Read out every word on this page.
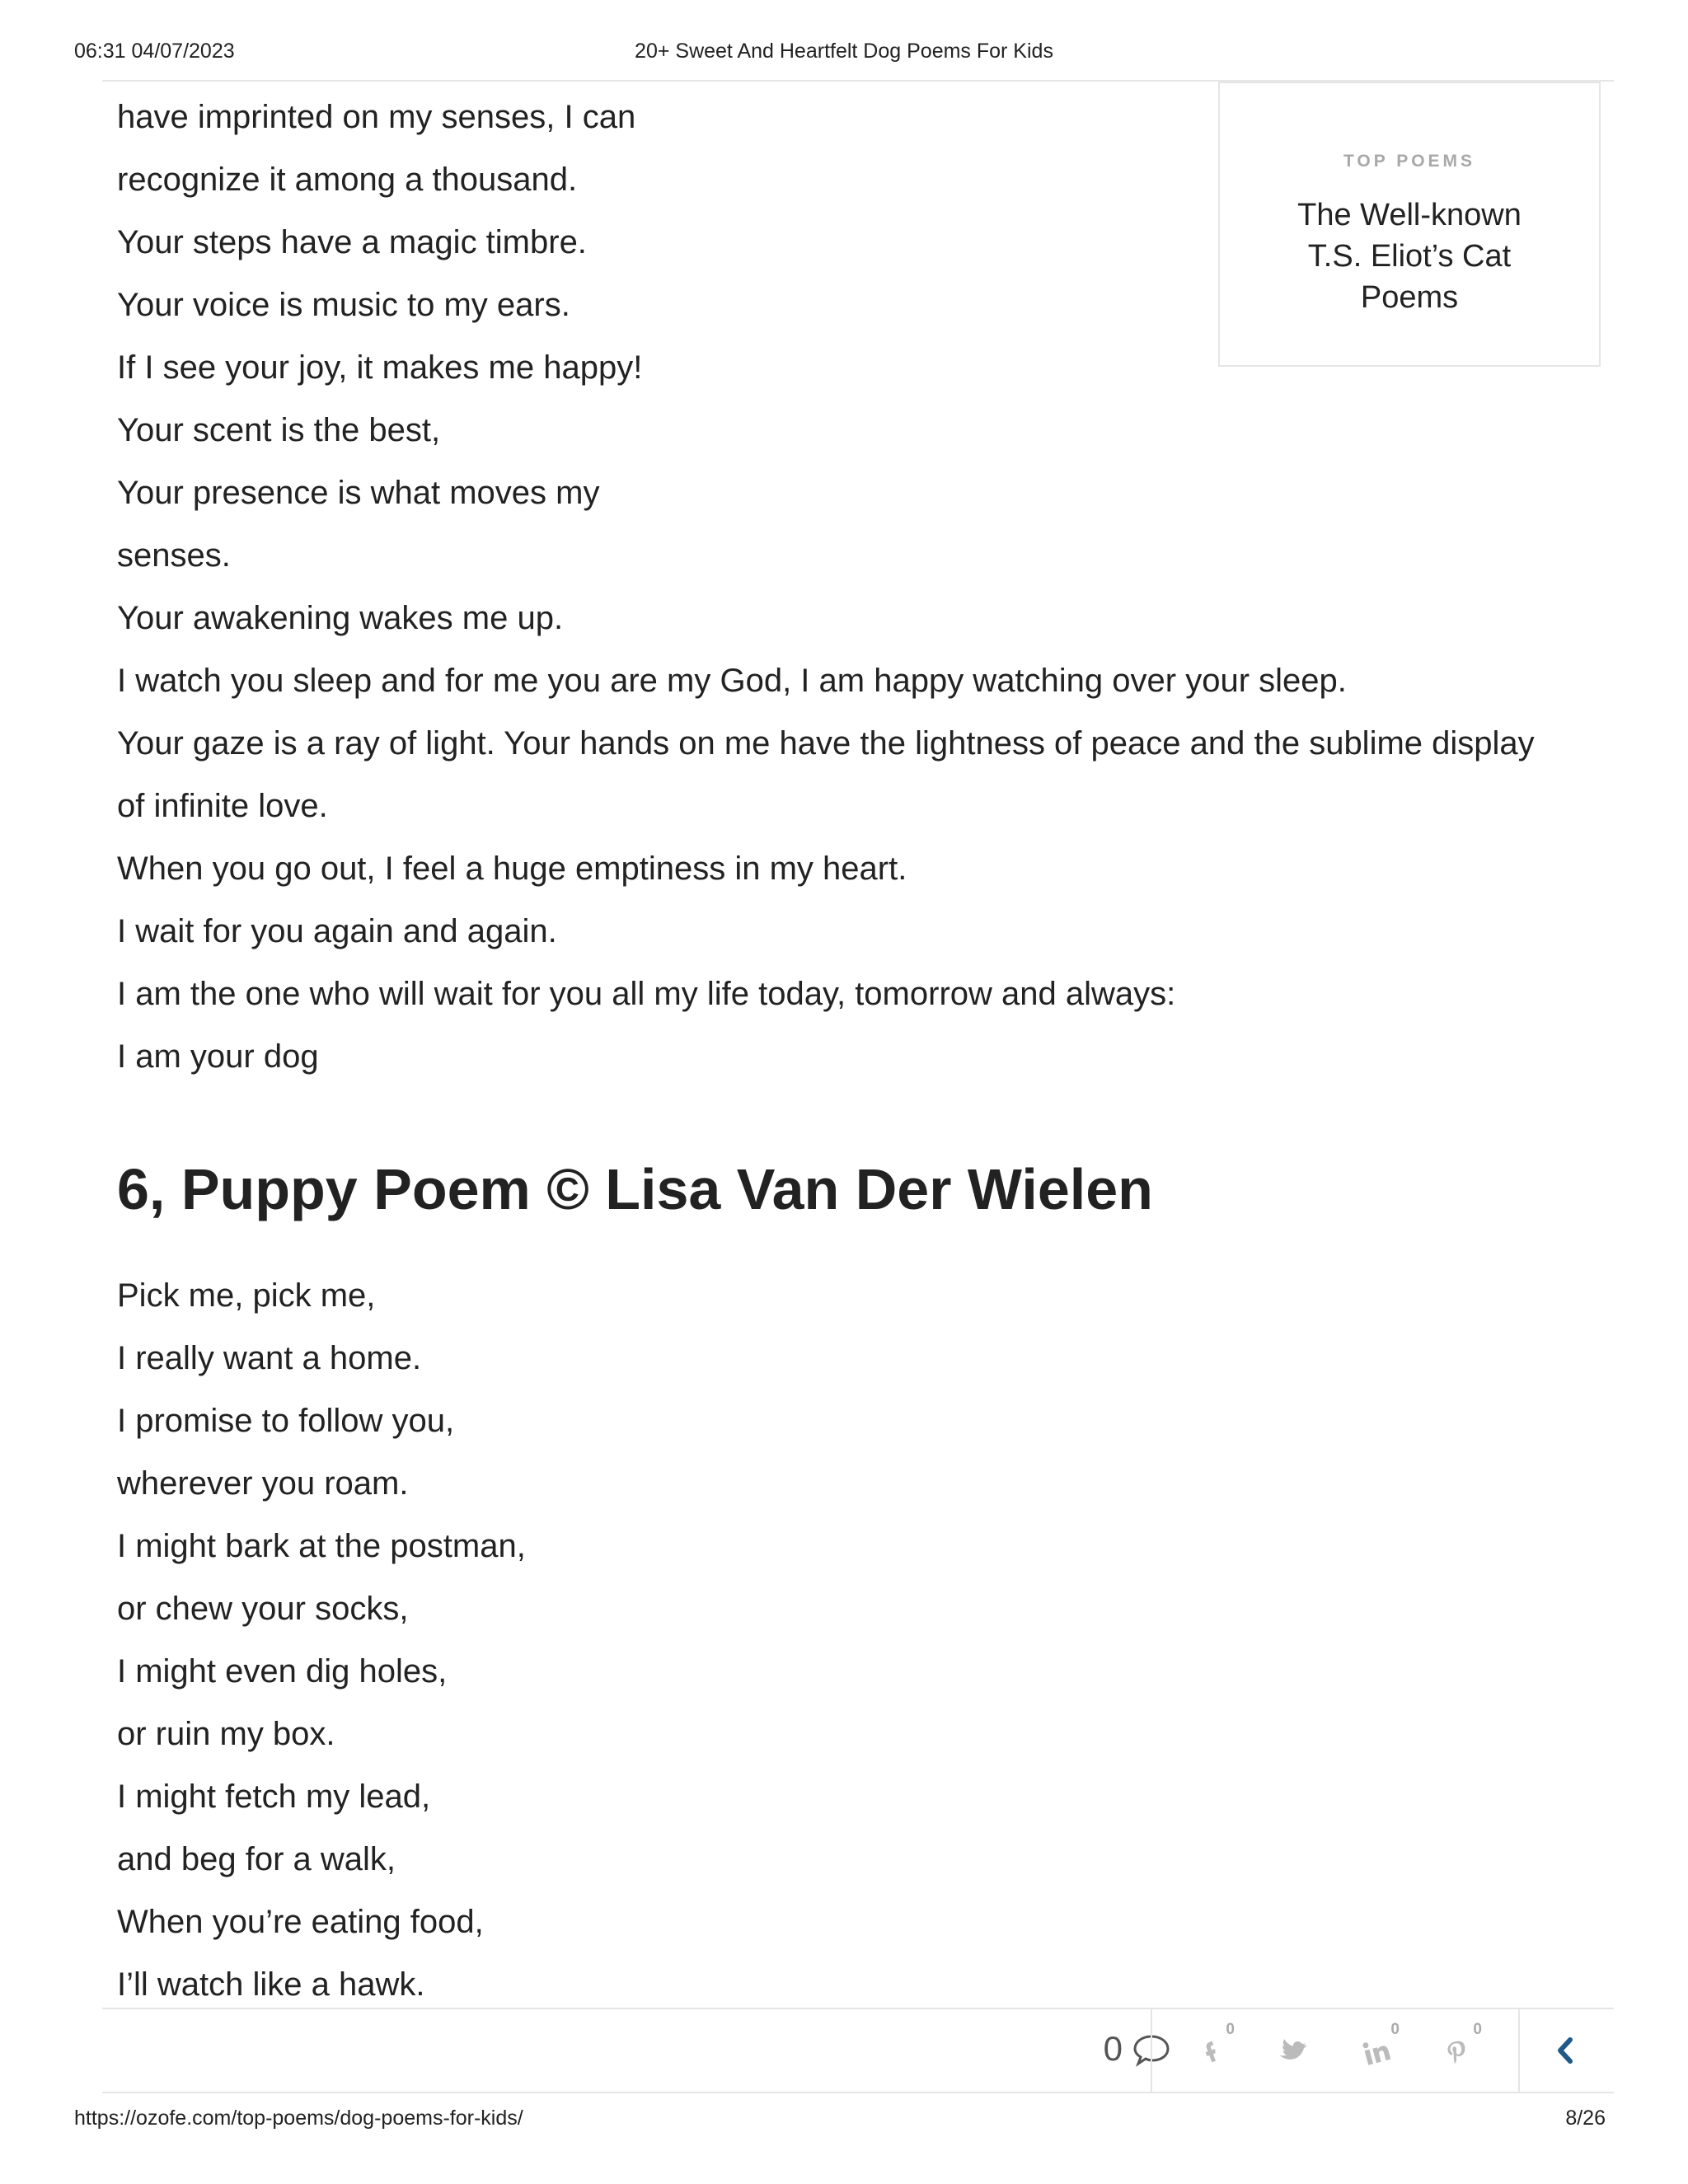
06:31 04/07/2023	20+ Sweet And Heartfelt Dog Poems For Kids

have imprinted on my senses, I can

recognize it among a thousand.

Your steps have a magic timbre.

Your voice is music to my ears.

If I see your joy, it makes me happy!

Your scent is the best,

Your presence is what moves my

senses.

Your awakening wakes me up.

I watch you sleep and for me you are my God, I am happy watching over your sleep.

Your gaze is a ray of light. Your hands on me have the lightness of peace and the sublime display

of infinite love.

When you go out, I feel a huge emptiness in my heart.

I wait for you again and again.

I am the one who will wait for you all my life today, tomorrow and always:

I am your dog

TOP POEMS
The Well-known T.S. Eliot’s Cat Poems
6, Puppy Poem © Lisa Van Der Wielen

Pick me, pick me,

I really want a home.

I promise to follow you,

wherever you roam.

I might bark at the postman,

or chew your socks,

I might even dig holes,

or ruin my box.

I might fetch my lead,

and beg for a walk,

When you’re eating food,

I’ll watch like a hawk.

0	0	0	0
https://ozofe.com/top-poems/dog-poems-for-kids/	8/26
